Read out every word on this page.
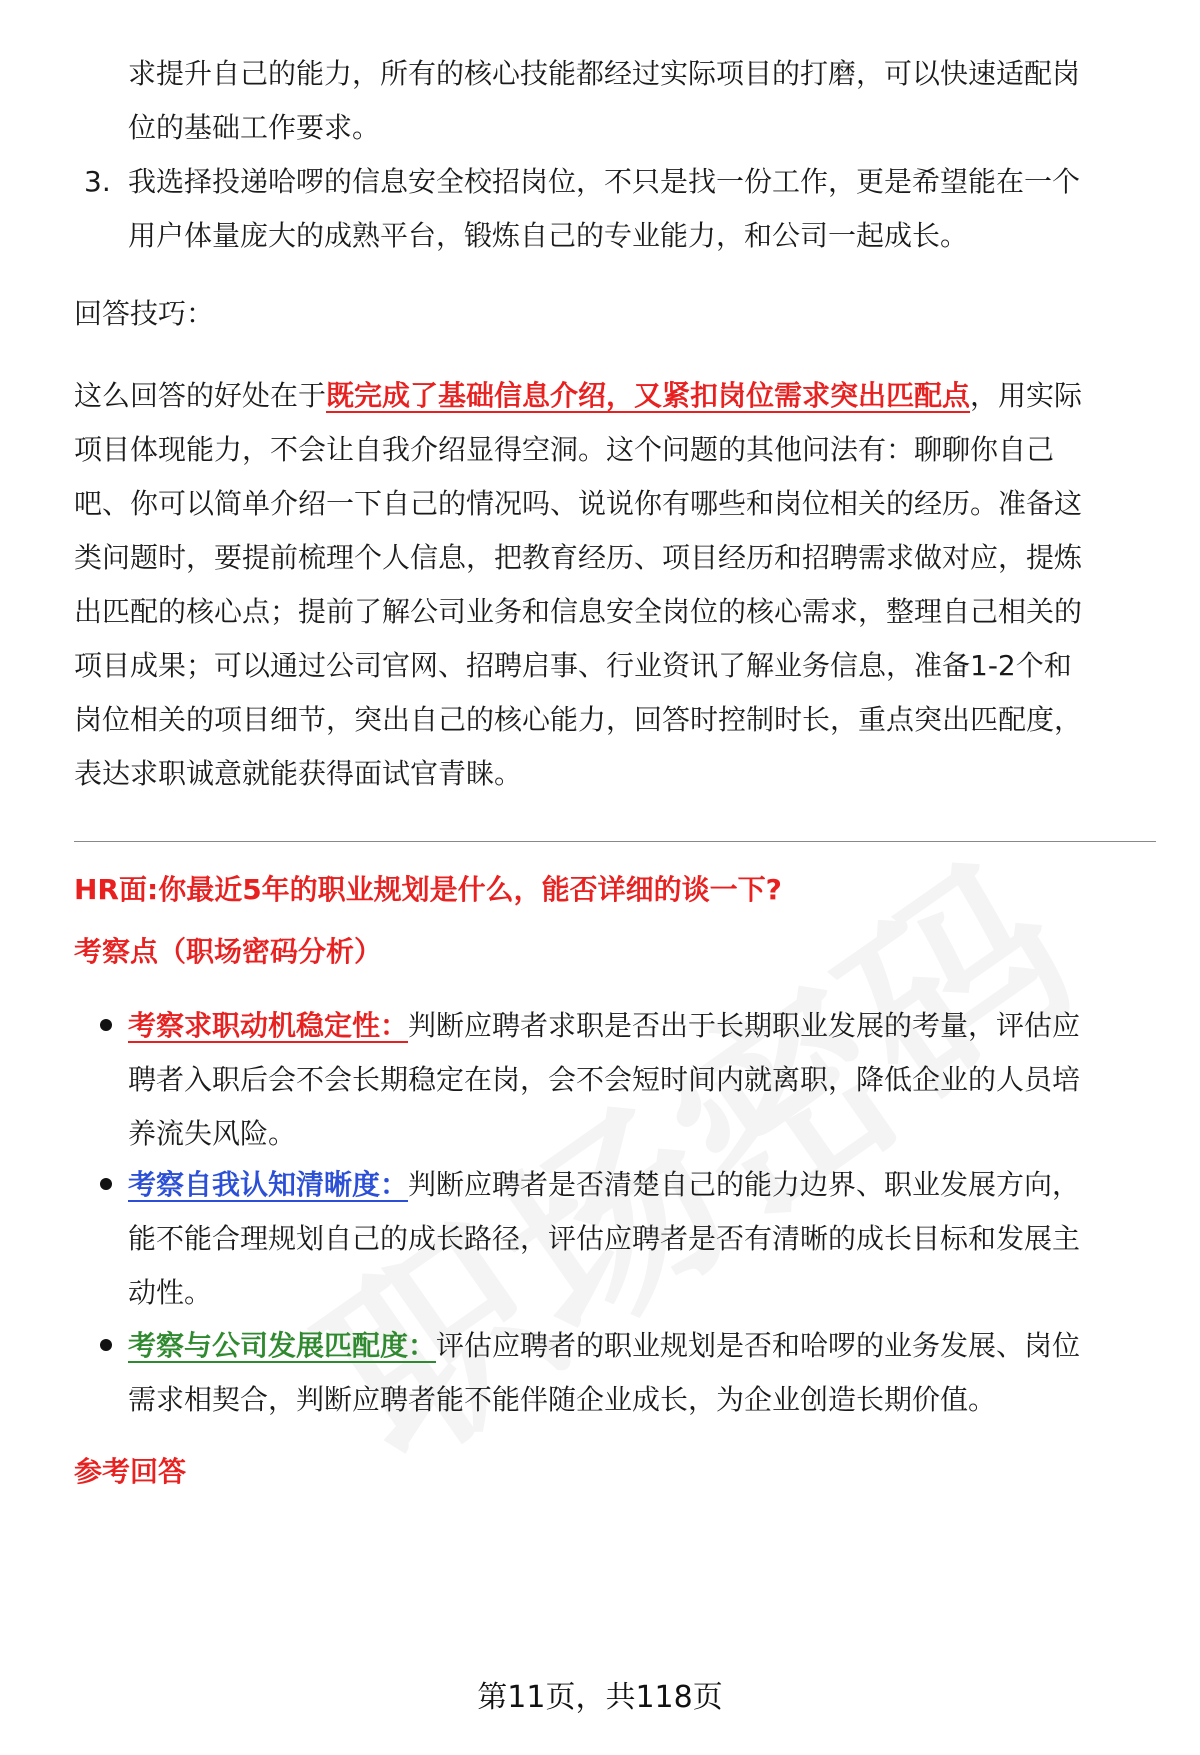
求提升自己的能力，所有的核心技能都经过实际项目的打磨，可以快速适配岗
位的基础工作要求。
3. 我选择投递哈啰的信息安全校招岗位，不只是找一份工作，更是希望能在一个
用户体量庞大的成熟平台，锻炼自己的专业能力，和公司一起成长。
回答技巧：
这么回答的好处在于既完成了基础信息介绍，又紧扣岗位需求突出匹配点，用实际
项目体现能力，不会让自我介绍显得空洞。这个问题的其他问法有：聊聊你自己
吧、你可以简单介绍一下自己的情况吗、说说你有哪些和岗位相关的经历。准备这
类问题时，要提前梳理个人信息，把教育经历、项目经历和招聘需求做对应，提炼
出匹配的核心点；提前了解公司业务和信息安全岗位的核心需求，整理自己相关的
项目成果；可以通过公司官网、招聘启事、行业资讯了解业务信息，准备1-2个和
岗位相关的项目细节，突出自己的核心能力，回答时控制时长，重点突出匹配度，
表达求职诚意就能获得面试官青睐。
HR面:你最近5年的职业规划是什么，能否详细的谈一下?
考察点（职场密码分析）
考察求职动机稳定性：判断应聘者求职是否出于长期职业发展的考量，评估应
聘者入职后会不会长期稳定在岗，会不会短时间内就离职，降低企业的人员培
养流失风险。
考察自我认知清晰度：判断应聘者是否清楚自己的能力边界、职业发展方向，
能不能合理规划自己的成长路径，评估应聘者是否有清晰的成长目标和发展主
动性。
考察与公司发展匹配度：评估应聘者的职业规划是否和哈啰的业务发展、岗位
需求相契合，判断应聘者能不能伴随企业成长，为企业创造长期价值。
参考回答
第11页，共118页
